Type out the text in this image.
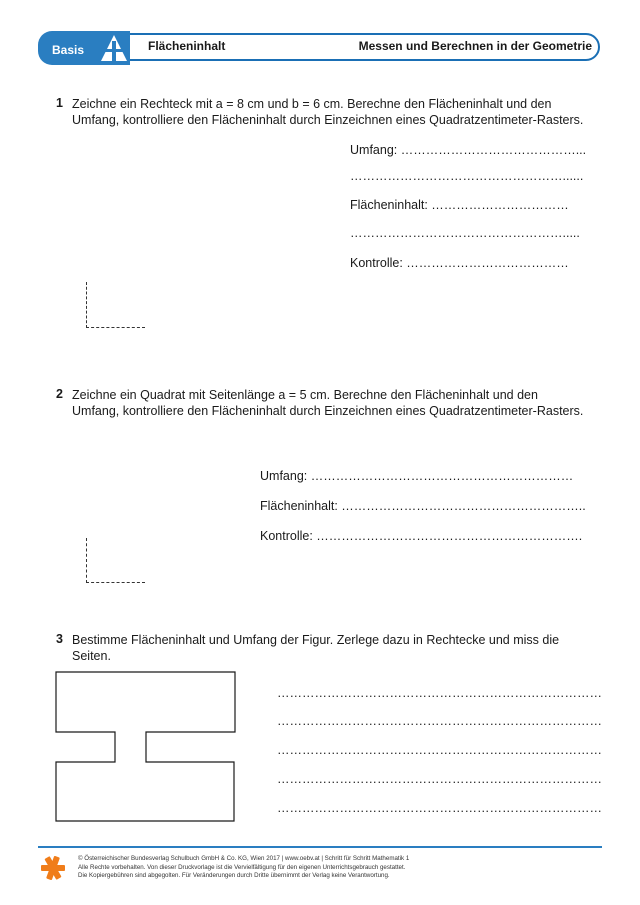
Basis	Flächeninhalt	Messen und Berechnen in der Geometrie
1 Zeichne ein Rechteck mit a = 8 cm und b = 6 cm. Berechne den Flächeninhalt und den
Umfang, kontrolliere den Flächeninhalt durch Einzeichnen eines Quadratzentimeter-Rasters.
Umfang: ……………………………………...
……………………………………………......
Flächeninhalt: ……………………………
…………………………………………….....
Kontrolle: …………………………………
2 Zeichne ein Quadrat mit Seitenlänge a = 5 cm. Berechne den Flächeninhalt und den
Umfang, kontrolliere den Flächeninhalt durch Einzeichnen eines Quadratzentimeter-Rasters.
Umfang: ………………………………………………………
Flächeninhalt: …………………………………………………..
Kontrolle: ……………………………………………………….
3 Bestimme Flächeninhalt und Umfang der Figur. Zerlege dazu in Rechtecke und miss die
Seiten.
……………………………………………………………………
……………………………………………………………………
……………………………………………………………………
……………………………………………………………………
……………………………………………………………………
© Österreichischer Bundesverlag Schulbuch GmbH & Co. KG, Wien 2017 | www.oebv.at | Schritt für Schritt Mathematik 1
Alle Rechte vorbehalten. Von dieser Druckvorlage ist die Vervielfältigung für den eigenen Unterrichtsgebrauch gestattet.
Die Kopiergebühren sind abgegolten. Für Veränderungen durch Dritte übernimmt der Verlag keine Verantwortung.
